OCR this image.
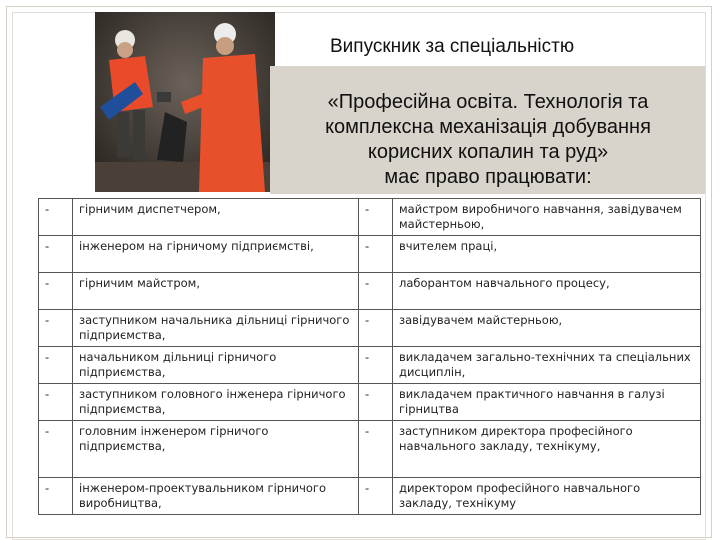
Випускник за спеціальністю
«Професійна освіта. Технологія та
комплексна механізація добування
корисних копалин та руд»
має право працювати:
-	гірничим диспетчером,	-	майстром виробничого навчання, завідувачем майстерньою,
-	інженером на гірничому підприємстві,	-	вчителем праці,
-	гірничим майстром,	-	лаборантом навчального процесу,
-	заступником начальника дільниці гірничого підприємства,	-	завідувачем майстерньою,
-	начальником дільниці гірничого підприємства,	-	викладачем загально-технічних та спеціальних дисциплін,
-	заступником головного інженера гірничого підприємства,	-	викладачем практичного навчання в галузі гірництва
-	головним інженером гірничого підприємства,	-	заступником директора професійного навчального закладу, технікуму,
-	інженером-проектувальником гірничого виробництва,	-	директором професійного навчального закладу, технікуму
